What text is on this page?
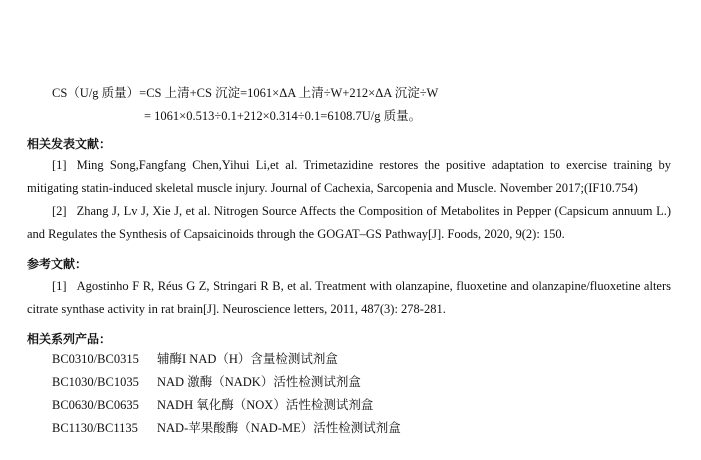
CS（U/g 质量）=CS 上清+CS 沉淀=1061×ΔA 上清÷W+212×ΔA 沉淀÷W
= 1061×0.513÷0.1+212×0.314÷0.1=6108.7U/g 质量。
相关发表文献：
[1] Ming Song,Fangfang Chen,Yihui Li,et al. Trimetazidine restores the positive adaptation to exercise training by mitigating statin-induced skeletal muscle injury. Journal of Cachexia, Sarcopenia and Muscle. November 2017;(IF10.754)
[2] Zhang J, Lv J, Xie J, et al. Nitrogen Source Affects the Composition of Metabolites in Pepper (Capsicum annuum L.) and Regulates the Synthesis of Capsaicinoids through the GOGAT–GS Pathway[J]. Foods, 2020, 9(2): 150.
参考文献：
[1] Agostinho F R, Réus G Z, Stringari R B, et al. Treatment with olanzapine, fluoxetine and olanzapine/fluoxetine alters citrate synthase activity in rat brain[J]. Neuroscience letters, 2011, 487(3): 278-281.
相关系列产品：
BC0310/BC0315 辅酶I NAD（H）含量检测试剂盒
BC1030/BC1035 NAD 激酶（NADK）活性检测试剂盒
BC0630/BC0635 NADH 氧化酶（NOX）活性检测试剂盒
BC1130/BC1135 NAD-苹果酸酶（NAD-ME）活性检测试剂盒
